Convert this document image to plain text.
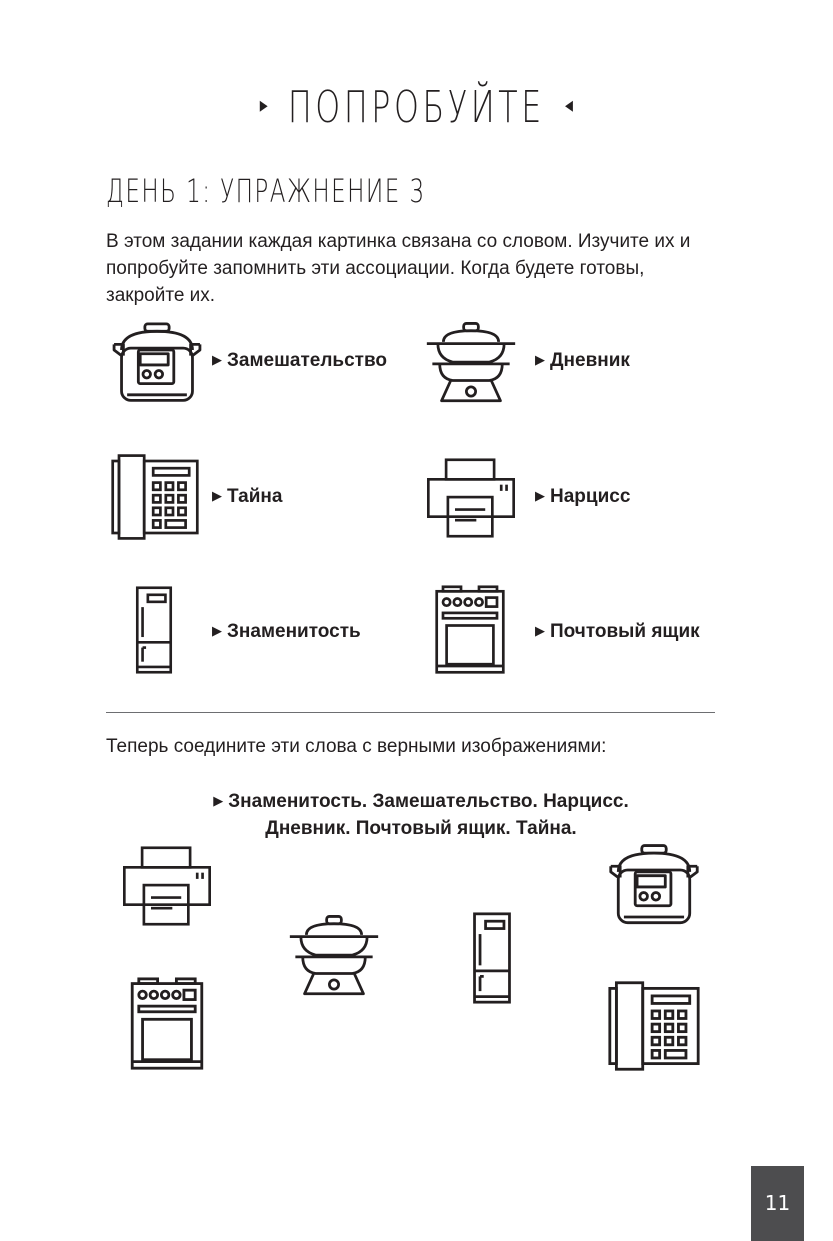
▸ ПОПРОБУЙТЕ ◂
ДЕНЬ 1: УПРАЖНЕНИЕ 3
В этом задании каждая картинка связана со словом. Изучите их и попробуйте запомнить эти ассоциации. Когда будете готовы, закройте их.
▶ Замешательство	▶ Дневник
▶ Тайна	▶ Нарцисс
▶ Знаменитость	▶ Почтовый ящик
Теперь соедините эти слова с верными изображениями:
▶ Знаменитость. Замешательство. Нарцисс.
Дневник. Почтовый ящик. Тайна.
11
